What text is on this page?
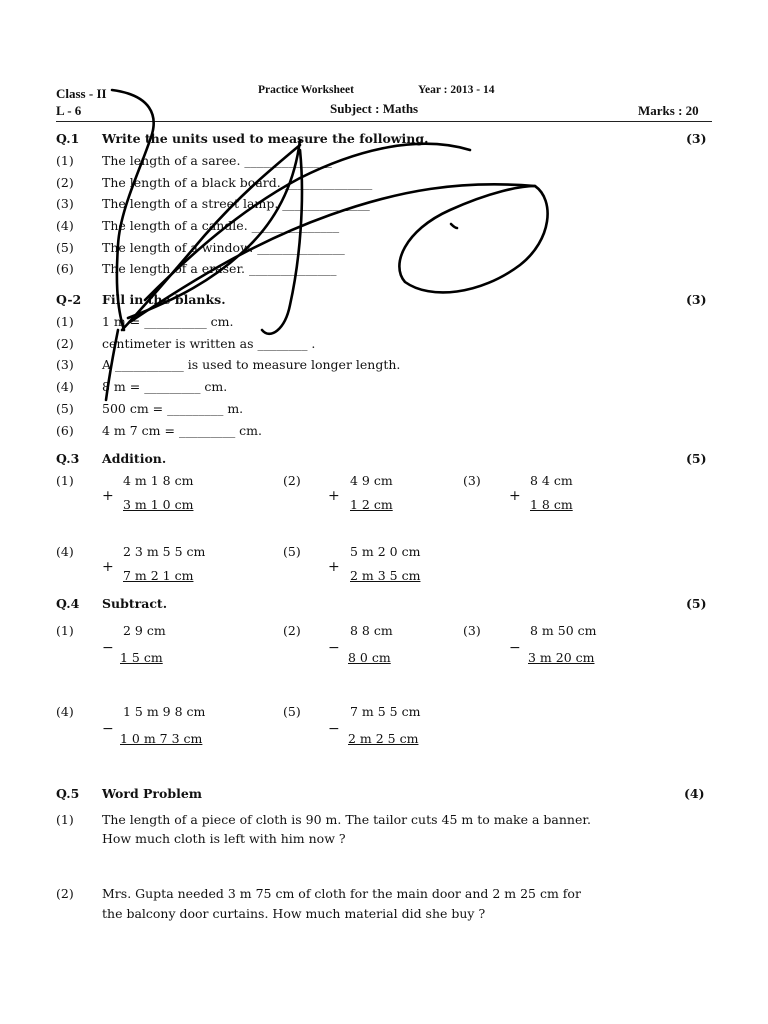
Class - II	Practice Worksheet	Year : 2013 - 14
L - 6	Subject : Maths	Marks : 20
Q.1 Write the units used to measure the following.	(3)
(1) The length of a saree. ______________
(2) The length of a black board. ______________
(3) The length of a street lamp. ______________
(4) The length of a candle. ______________
(5) The length of a window. ______________
(6) The length of a eraser. ______________
Q-2 Fill in the blanks.	(3)
(1) 1 m = __________ cm.
(2) centimeter is written as ________ .
(3) A ___________ is used to measure longer length.
(4) 8 m = _________ cm.
(5) 500 cm = _________ m.
(6) 4 m 7 cm = _________ cm.
Q.3 Addition.	(5)
(1)	4 m 1 8 cm
+
3 m 1 0 cm
(2)	4 9 cm
+
1 2 cm
(3)	8 4 cm
+
1 8 cm
(4)	2 3 m 5 5 cm
+
7 m 2 1 cm
(5)	5 m 2 0 cm
+
2 m 3 5 cm
Q.4 Subtract.	(5)
(1)	2 9 cm
−
1 5 cm
(2)	8 8 cm
−
8 0 cm
(3)	8 m 50 cm
−
3 m 20 cm
(4)	1 5 m 9 8 cm
−
1 0 m 7 3 cm
(5)	7 m 5 5 cm
−
2 m 2 5 cm
Q.5 Word Problem	(4)
(1) The length of a piece of cloth is 90 m. The tailor cuts 45 m to make a banner.
How much cloth is left with him now ?
(2) Mrs. Gupta needed 3 m 75 cm of cloth for the main door and 2 m 25 cm for
the balcony door curtains. How much material did she buy ?
